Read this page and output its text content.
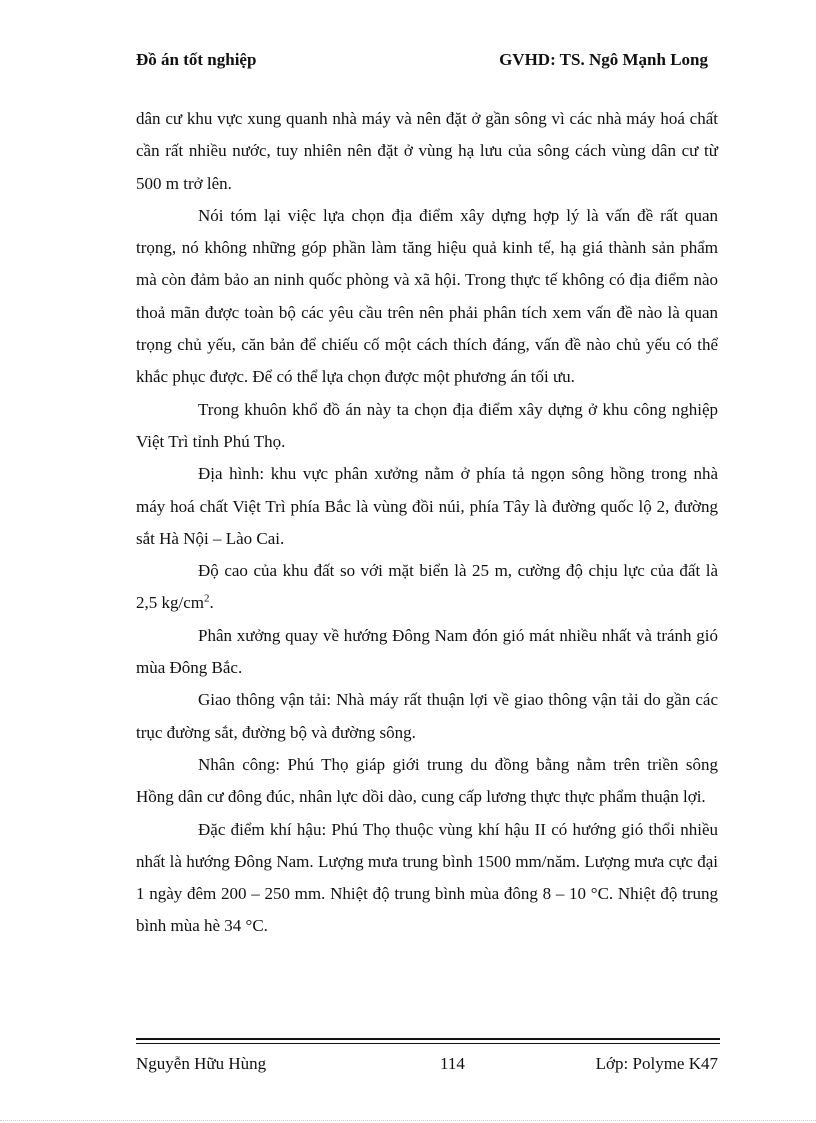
Đồ án tốt nghiệp	GVHD: TS. Ngô Mạnh Long

dân cư khu vực xung quanh nhà máy và nên đặt ở gần sông vì các nhà máy hoá chất cần rất nhiều nước, tuy nhiên nên đặt ở vùng hạ lưu của sông cách vùng dân cư từ 500 m trở lên.

Nói tóm lại việc lựa chọn địa điểm xây dựng hợp lý là vấn đề rất quan trọng, nó không những góp phần làm tăng hiệu quả kinh tế, hạ giá thành sản phẩm mà còn đảm bảo an ninh quốc phòng và xã hội. Trong thực tế không có địa điểm nào thoả mãn được toàn bộ các yêu cầu trên nên phải phân tích xem vấn đề nào là quan trọng chủ yếu, căn bản để chiếu cố một cách thích đáng, vấn đề nào chủ yếu có thể khắc phục được. Để có thể lựa chọn được một phương án tối ưu.

Trong khuôn khổ đồ án này ta chọn địa điểm xây dựng ở khu công nghiệp Việt Trì tỉnh Phú Thọ.

Địa hình: khu vực phân xưởng nằm ở phía tả ngọn sông hồng trong nhà máy hoá chất Việt Trì phía Bắc là vùng đồi núi, phía Tây là đường quốc lộ 2, đường sắt Hà Nội – Lào Cai.

Độ cao của khu đất so với mặt biển là 25 m, cường độ chịu lực của đất là 2,5 $kg/cm^2$.

Phân xưởng quay về hướng Đông Nam đón gió mát nhiều nhất và tránh gió mùa Đông Bắc.

Giao thông vận tải: Nhà máy rất thuận lợi về giao thông vận tải do gần các trục đường sắt, đường bộ và đường sông.

Nhân công: Phú Thọ giáp giới trung du đồng bằng nằm trên triền sông Hồng dân cư đông đúc, nhân lực dồi dào, cung cấp lương thực thực phẩm thuận lợi.

Đặc điểm khí hậu: Phú Thọ thuộc vùng khí hậu II có hướng gió thổi nhiều nhất là hướng Đông Nam. Lượng mưa trung bình 1500 mm/năm. Lượng mưa cực đại 1 ngày đêm 200 – 250 mm. Nhiệt độ trung bình mùa đông 8 – 10 °C. Nhiệt độ trung bình mùa hè 34 °C.

Nguyễn Hữu Hùng	114	Lớp: Polyme K47
